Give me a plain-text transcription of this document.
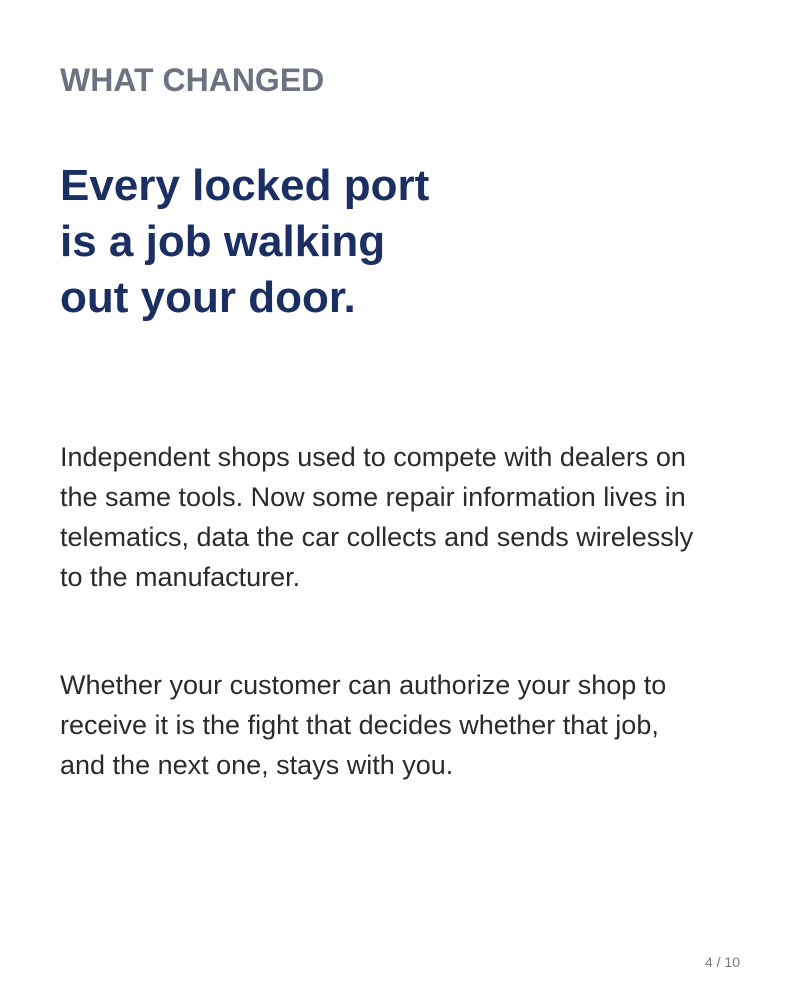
WHAT CHANGED

Every locked port
is a job walking
out your door.

Independent shops used to compete with dealers on
the same tools. Now some repair information lives in
telematics, data the car collects and sends wirelessly
to the manufacturer.

Whether your customer can authorize your shop to
receive it is the fight that decides whether that job,
and the next one, stays with you.

4 / 10
